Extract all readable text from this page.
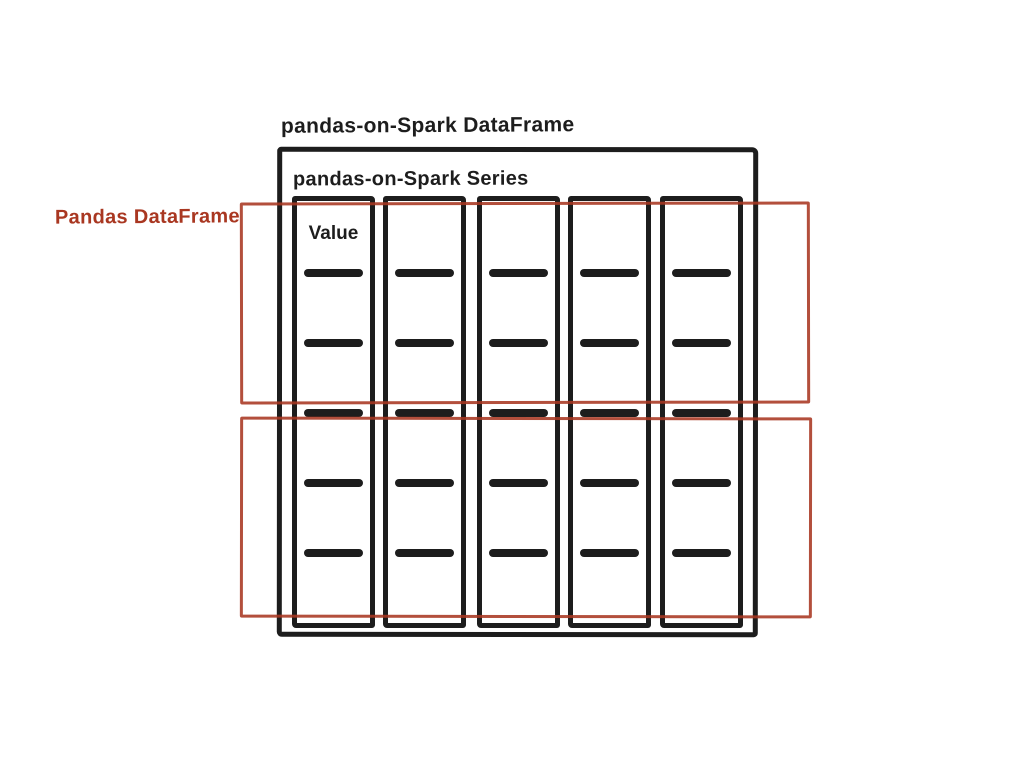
pandas-on-Spark DataFrame
pandas-on-Spark Series
Value
Pandas DataFrame
